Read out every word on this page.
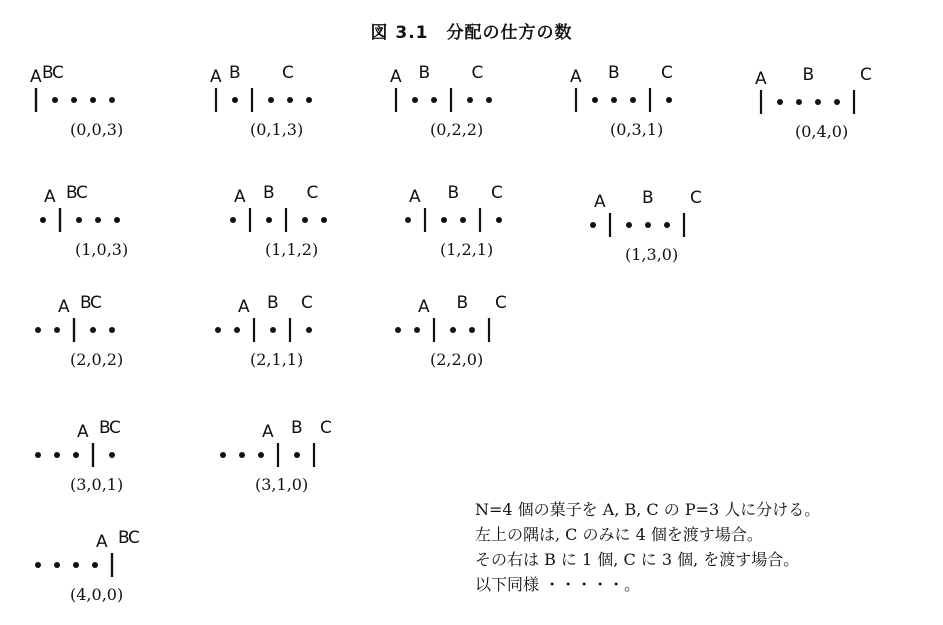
図 3.1　分配の仕方の数
A B
C
(0,0,3)
A B C
(0,1,3)
A B C
(0,2,2)
A B C
(0,3,1)
A B	C
(0,4,0)
A B
C
(1,0,3)
A B C
(1,1,2)
A B C
(1,2,1)
A B C
(1,3,0)
A B
C
(2,0,2)
A B C
(2,1,1)
A B C
(2,2,0)
A B
C
(3,0,1)
A B C
(3,1,0)
A B
C
(4,0,0)
N=4 個の菓子を A, B, C の P=3 人に分ける。
左上の隅は, C のみに 4 個を渡す場合。
その右は B に 1 個, C に 3 個, を渡す場合。
以下同様 ・・・・・。
